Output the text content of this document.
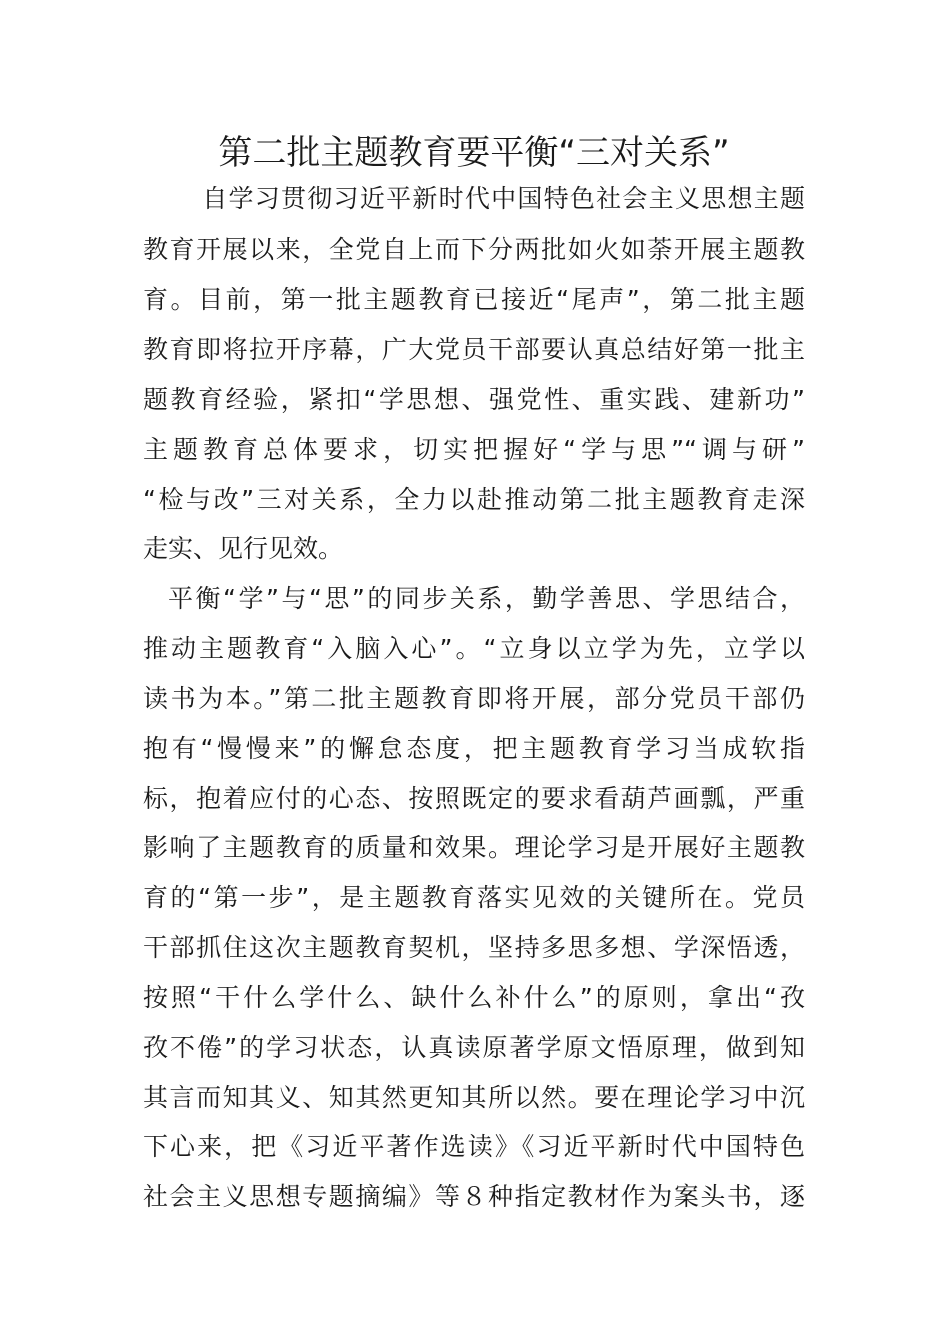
第二批主题教育要平衡“三对关系”
　自学习贯彻习近平新时代中国特色社会主义思想主题
教育开展以来，全党自上而下分两批如火如荼开展主题教
育。目前，第一批主题教育已接近“尾声”，第二批主题
教育即将拉开序幕，广大党员干部要认真总结好第一批主
题教育经验，紧扣“学思想、强党性、重实践、建新功”
主题教育总体要求，切实把握好“学与思”“调与研”
“检与改”三对关系，全力以赴推动第二批主题教育走深
走实、见行见效。
平衡“学”与“思”的同步关系，勤学善思、学思结合，
推动主题教育“入脑入心”。“立身以立学为先，立学以
读书为本。”第二批主题教育即将开展，部分党员干部仍
抱有“慢慢来”的懈怠态度，把主题教育学习当成软指
标，抱着应付的心态、按照既定的要求看葫芦画瓢，严重
影响了主题教育的质量和效果。理论学习是开展好主题教
育的“第一步”，是主题教育落实见效的关键所在。党员
干部抓住这次主题教育契机，坚持多思多想、学深悟透，
按照“干什么学什么、缺什么补什么”的原则，拿出“孜
孜不倦”的学习状态，认真读原著学原文悟原理，做到知
其言而知其义、知其然更知其所以然。要在理论学习中沉
下心来，把《习近平著作选读》《习近平新时代中国特色
社会主义思想专题摘编》等８种指定教材作为案头书，逐
